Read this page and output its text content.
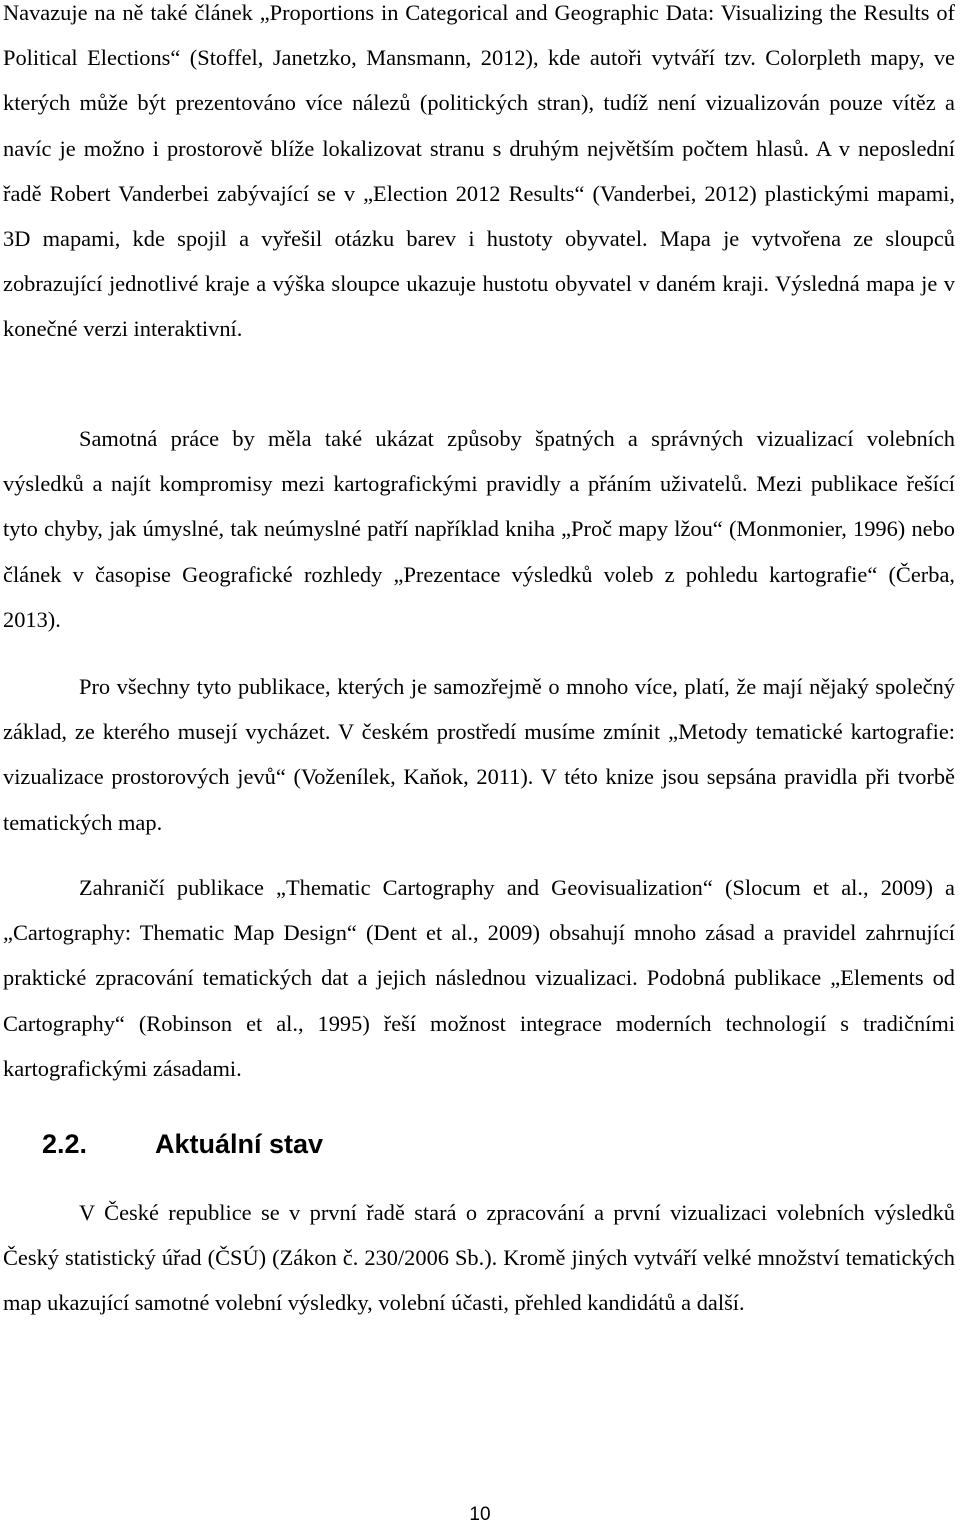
Navazuje na ně také článek „Proportions in Categorical and Geographic Data: Visualizing the Results of Political Elections“ (Stoffel, Janetzko, Mansmann, 2012), kde autoři vytváří tzv. Colorpleth mapy, ve kterých může být prezentováno více nálezů (politických stran), tudíž není vizualizován pouze vítěz a navíc je možno i prostorově blíže lokalizovat stranu s druhým největším počtem hlasů. A v neposlední řadě Robert Vanderbei zabývající se v „Election 2012 Results“ (Vanderbei, 2012) plastickými mapami, 3D mapami, kde spojil a vyřešil otázku barev i hustoty obyvatel. Mapa je vytvořena ze sloupců zobrazující jednotlivé kraje a výška sloupce ukazuje hustotu obyvatel v daném kraji. Výsledná mapa je v konečné verzi interaktivní.

Samotná práce by měla také ukázat způsoby špatných a správných vizualizací volebních výsledků a najít kompromisy mezi kartografickými pravidly a přáním uživatelů. Mezi publikace řešící tyto chyby, jak úmyslné, tak neúmyslné patří například kniha „Proč mapy lžou“ (Monmonier, 1996) nebo článek v časopise Geografické rozhledy „Prezentace výsledků voleb z pohledu kartografie“ (Čerba, 2013).

Pro všechny tyto publikace, kterých je samozřejmě o mnoho více, platí, že mají nějaký společný základ, ze kterého musejí vycházet. V českém prostředí musíme zmínit „Metody tematické kartografie: vizualizace prostorových jevů“ (Voženílek, Kaňok, 2011). V této knize jsou sepsána pravidla při tvorbě tematických map.

Zahraničí publikace „Thematic Cartography and Geovisualization“ (Slocum et al., 2009) a „Cartography: Thematic Map Design“ (Dent et al., 2009) obsahují mnoho zásad a pravidel zahrnující praktické zpracování tematických dat a jejich následnou vizualizaci. Podobná publikace „Elements od Cartography“ (Robinson et al., 1995) řeší možnost integrace moderních technologií s tradičními kartografickými zásadami.

2.2.	Aktuální stav

V České republice se v první řadě stará o zpracování a první vizualizaci volebních výsledků Český statistický úřad (ČSÚ) (Zákon č. 230/2006 Sb.). Kromě jiných vytváří velké množství tematických map ukazující samotné volební výsledky, volební účasti, přehled kandidátů a další.

10
